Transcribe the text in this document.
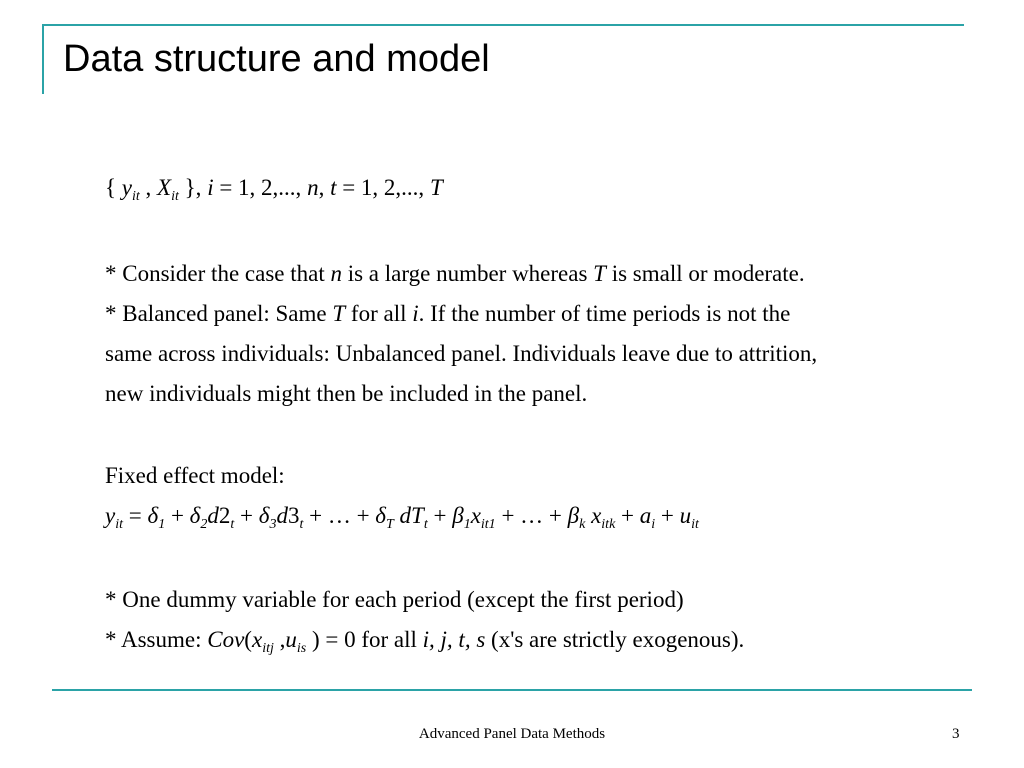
Data structure and model
{ $y_{it}$ , $X_{it}$ }, i = 1, 2,..., n, t = 1, 2,..., T
* Consider the case that n is a large number whereas T is small or moderate.
* Balanced panel: Same T for all i. If the number of time periods is not the
same across individuals: Unbalanced panel. Individuals leave due to attrition,
new individuals might then be included in the panel.
Fixed effect model:
$y_{it} = \delta_1 + \delta_2d2_t + \delta_3d3_t$ + … + $\delta_T$ $dT_t + \beta_1x_{it1}$ + … + $\beta_k$ $x_{itk} + a_i + u_{it}$
* One dummy variable for each period (except the first period)
* Assume: $Cov(x_{itj}$ $,u_{is}$ ) = 0 for all i, j, t, s (x's are strictly exogenous).
Advanced Panel Data Methods	3
